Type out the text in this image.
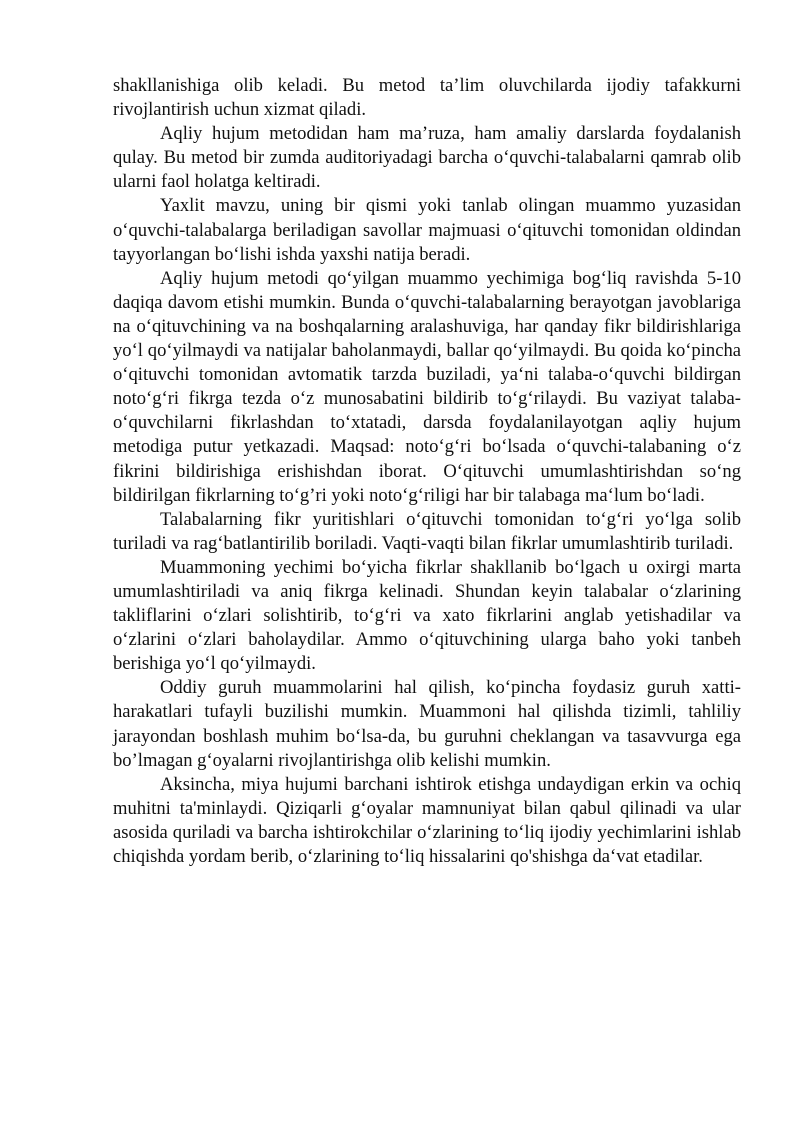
shakllanishiga olib keladi. Bu metod ta’lim oluvchilarda ijodiy tafakkurni rivojlantirish uchun xizmat qiladi.

Aqliy hujum metodidan ham ma’ruza, ham amaliy darslarda foydalanish qulay. Bu metod bir zumda auditoriyadagi barcha o‘quvchi-talabalarni qamrab olib ularni faol holatga keltiradi.

Yaxlit mavzu, uning bir qismi yoki tanlab olingan muammo yuzasidan o‘quvchi-talabalarga beriladigan savollar majmuasi o‘qituvchi tomonidan oldindan tayyorlangan bo‘lishi ishda yaxshi natija beradi.

Aqliy hujum metodi qo‘yilgan muammo yechimiga bog‘liq ravishda 5-10 daqiqa davom etishi mumkin. Bunda o‘quvchi-talabalarning berayotgan javoblariga na o‘qituvchining va na boshqalarning aralashuviga, har qanday fikr bildirishlariga yo‘l qo‘yilmaydi va natijalar baholanmaydi, ballar qo‘yilmaydi. Bu qoida ko‘pincha o‘qituvchi tomonidan avtomatik tarzda buziladi, ya‘ni talaba-o‘quvchi bildirgan noto‘g‘ri fikrga tezda o‘z munosabatini bildirib to‘g‘rilaydi. Bu vaziyat talaba-o‘quvchilarni fikrlashdan to‘xtatadi, darsda foydalanilayotgan aqliy hujum metodiga putur yetkazadi. Maqsad: noto‘g‘ri bo‘lsada o‘quvchi-talabaning o‘z fikrini bildirishiga erishishdan iborat. O‘qituvchi umumlashtirishdan so‘ng bildirilgan fikrlarning to‘g’ri yoki noto‘g‘riligi har bir talabaga ma‘lum bo‘ladi.

Talabalarning fikr yuritishlari o‘qituvchi tomonidan to‘g‘ri yo‘lga solib turiladi va rag‘batlantirilib boriladi. Vaqti-vaqti bilan fikrlar umumlashtirib turiladi.

Muammoning yechimi bo‘yicha fikrlar shakllanib bo‘lgach u oxirgi marta umumlashtiriladi va aniq fikrga kelinadi. Shundan keyin talabalar o‘zlarining takliflarini o‘zlari solishtirib, to‘g‘ri va xato fikrlarini anglab yetishadilar va o‘zlarini o‘zlari baholaydilar. Ammo o‘qituvchining ularga baho yoki tanbeh berishiga yo‘l qo‘yilmaydi.

Oddiy guruh muammolarini hal qilish, ko‘pincha foydasiz guruh xatti-harakatlari tufayli buzilishi mumkin. Muammoni hal qilishda tizimli, tahliliy jarayondan boshlash muhim bo‘lsa-da, bu guruhni cheklangan va tasavvurga ega boʼlmagan g‘oyalarni rivojlantirishga olib kelishi mumkin.

Aksincha, miya hujumi barchani ishtirok etishga undaydigan erkin va ochiq muhitni ta'minlaydi. Qiziqarli g‘oyalar mamnuniyat bilan qabul qilinadi va ular asosida quriladi va barcha ishtirokchilar o‘zlarining to‘liq ijodiy yechimlarini ishlab chiqishda yordam berib, o‘zlarining to‘liq hissalarini qo'shishga da‘vat etadilar.
